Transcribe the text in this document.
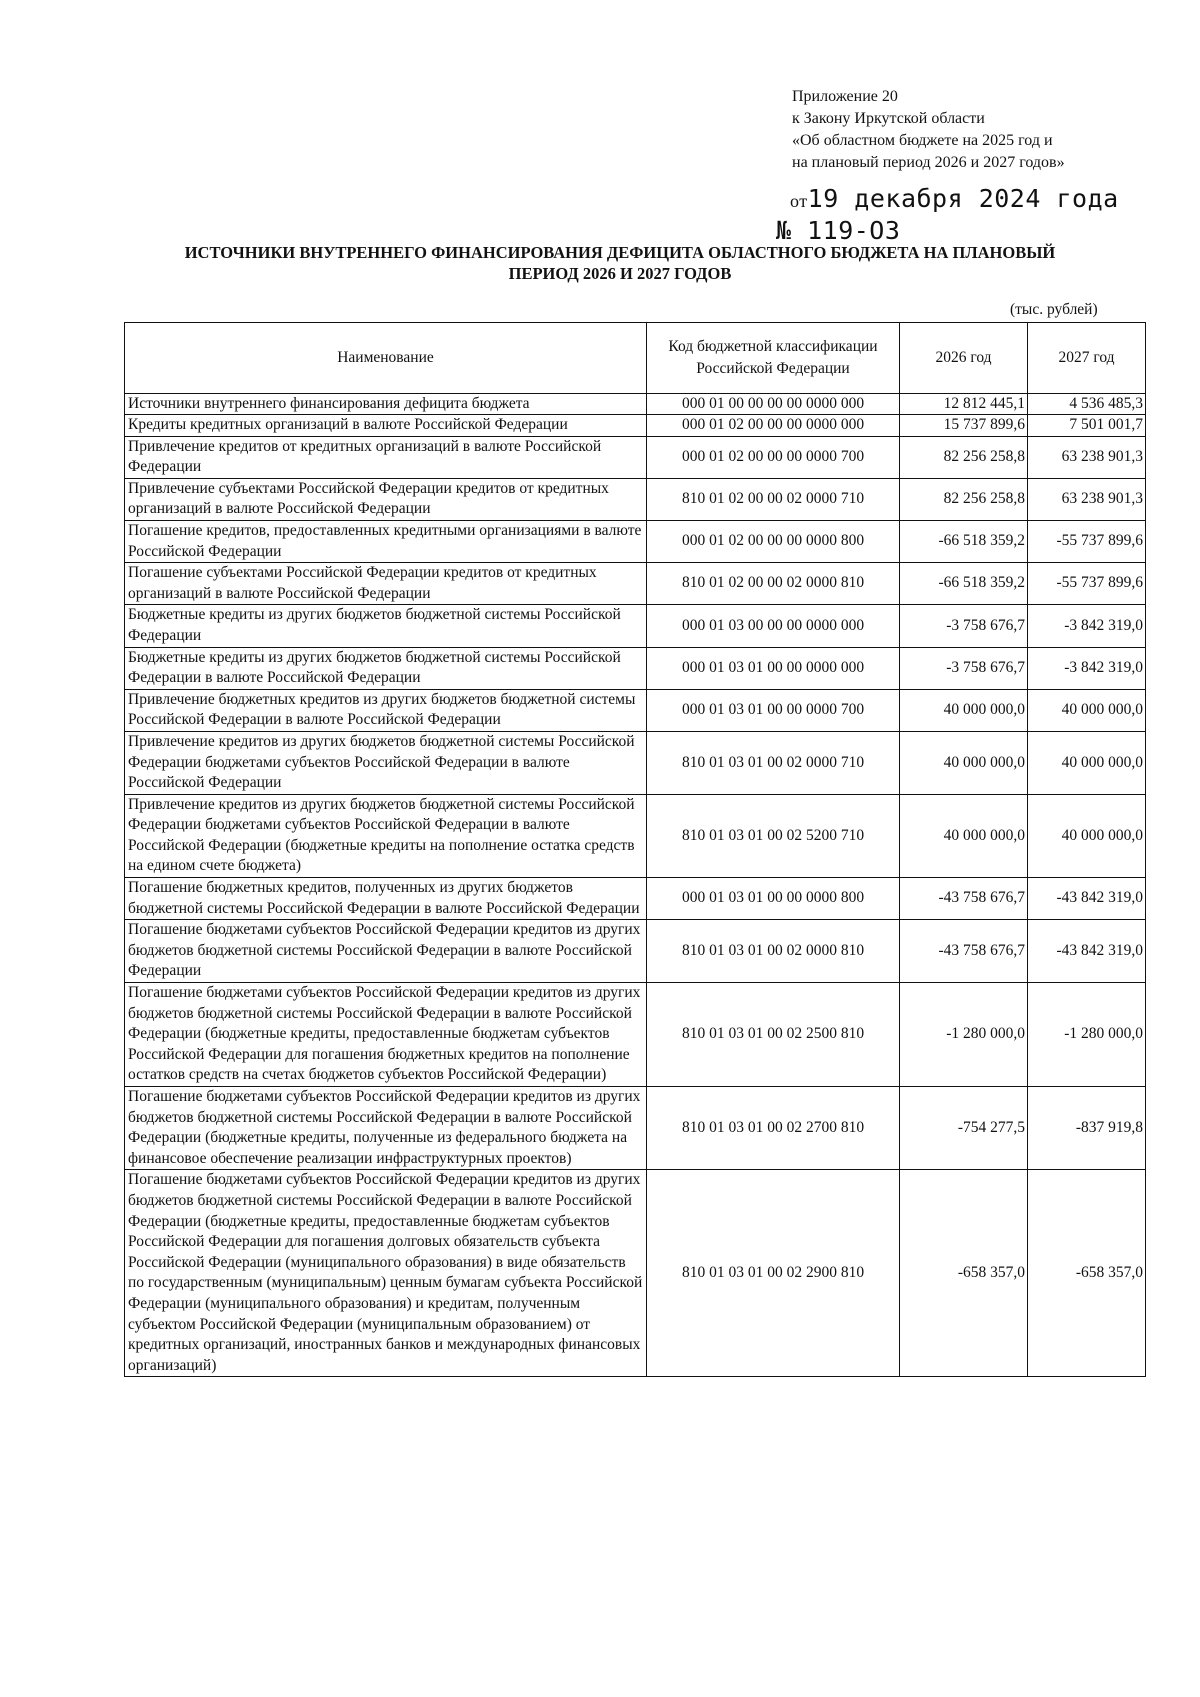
Приложение 20
к Закону Иркутской области
«Об областном бюджете на 2025 год и
на плановый период 2026 и 2027 годов»
от19 декабря 2024 года
№ 119-ОЗ
ИСТОЧНИКИ ВНУТРЕННЕГО ФИНАНСИРОВАНИЯ ДЕФИЦИТА ОБЛАСТНОГО БЮДЖЕТА НА ПЛАНОВЫЙ
ПЕРИОД 2026 И 2027 ГОДОВ
(тыс. рублей)
Наименование	Код бюджетной классификации Российской Федерации	2026 год	2027 год
Источники внутреннего финансирования дефицита бюджета	000 01 00 00 00 00 0000 000	12 812 445,1	4 536 485,3
Кредиты кредитных организаций в валюте Российской Федерации	000 01 02 00 00 00 0000 000	15 737 899,6	7 501 001,7
Привлечение кредитов от кредитных организаций в валюте Российской Федерации	000 01 02 00 00 00 0000 700	82 256 258,8	63 238 901,3
Привлечение субъектами Российской Федерации кредитов от кредитных организаций в валюте Российской Федерации	810 01 02 00 00 02 0000 710	82 256 258,8	63 238 901,3
Погашение кредитов, предоставленных кредитными организациями в валюте Российской Федерации	000 01 02 00 00 00 0000 800	-66 518 359,2	-55 737 899,6
Погашение субъектами Российской Федерации кредитов от кредитных организаций в валюте Российской Федерации	810 01 02 00 00 02 0000 810	-66 518 359,2	-55 737 899,6
Бюджетные кредиты из других бюджетов бюджетной системы Российской Федерации	000 01 03 00 00 00 0000 000	-3 758 676,7	-3 842 319,0
Бюджетные кредиты из других бюджетов бюджетной системы Российской Федерации в валюте Российской Федерации	000 01 03 01 00 00 0000 000	-3 758 676,7	-3 842 319,0
Привлечение бюджетных кредитов из других бюджетов бюджетной системы Российской Федерации в валюте Российской Федерации	000 01 03 01 00 00 0000 700	40 000 000,0	40 000 000,0
Привлечение кредитов из других бюджетов бюджетной системы Российской Федерации бюджетами субъектов Российской Федерации в валюте Российской Федерации	810 01 03 01 00 02 0000 710	40 000 000,0	40 000 000,0
Привлечение кредитов из других бюджетов бюджетной системы Российской Федерации бюджетами субъектов Российской Федерации в валюте Российской Федерации (бюджетные кредиты на пополнение остатка средств на едином счете бюджета)	810 01 03 01 00 02 5200 710	40 000 000,0	40 000 000,0
Погашение бюджетных кредитов, полученных из других бюджетов бюджетной системы Российской Федерации в валюте Российской Федерации	000 01 03 01 00 00 0000 800	-43 758 676,7	-43 842 319,0
Погашение бюджетами субъектов Российской Федерации кредитов из других бюджетов бюджетной системы Российской Федерации в валюте Российской Федерации	810 01 03 01 00 02 0000 810	-43 758 676,7	-43 842 319,0
Погашение бюджетами субъектов Российской Федерации кредитов из других бюджетов бюджетной системы Российской Федерации в валюте Российской Федерации (бюджетные кредиты, предоставленные бюджетам субъектов Российской Федерации для погашения бюджетных кредитов на пополнение остатков средств на счетах бюджетов субъектов Российской Федерации)	810 01 03 01 00 02 2500 810	-1 280 000,0	-1 280 000,0
Погашение бюджетами субъектов Российской Федерации кредитов из других бюджетов бюджетной системы Российской Федерации в валюте Российской Федерации (бюджетные кредиты, полученные из федерального бюджета на финансовое обеспечение реализации инфраструктурных проектов)	810 01 03 01 00 02 2700 810	-754 277,5	-837 919,8
Погашение бюджетами субъектов Российской Федерации кредитов из других бюджетов бюджетной системы Российской Федерации в валюте Российской Федерации (бюджетные кредиты, предоставленные бюджетам субъектов Российской Федерации для погашения долговых обязательств субъекта Российской Федерации (муниципального образования) в виде обязательств по государственным (муниципальным) ценным бумагам субъекта Российской Федерации (муниципального образования) и кредитам, полученным субъектом Российской Федерации (муниципальным образованием) от кредитных организаций, иностранных банков и международных финансовых организаций)	810 01 03 01 00 02 2900 810	-658 357,0	-658 357,0
